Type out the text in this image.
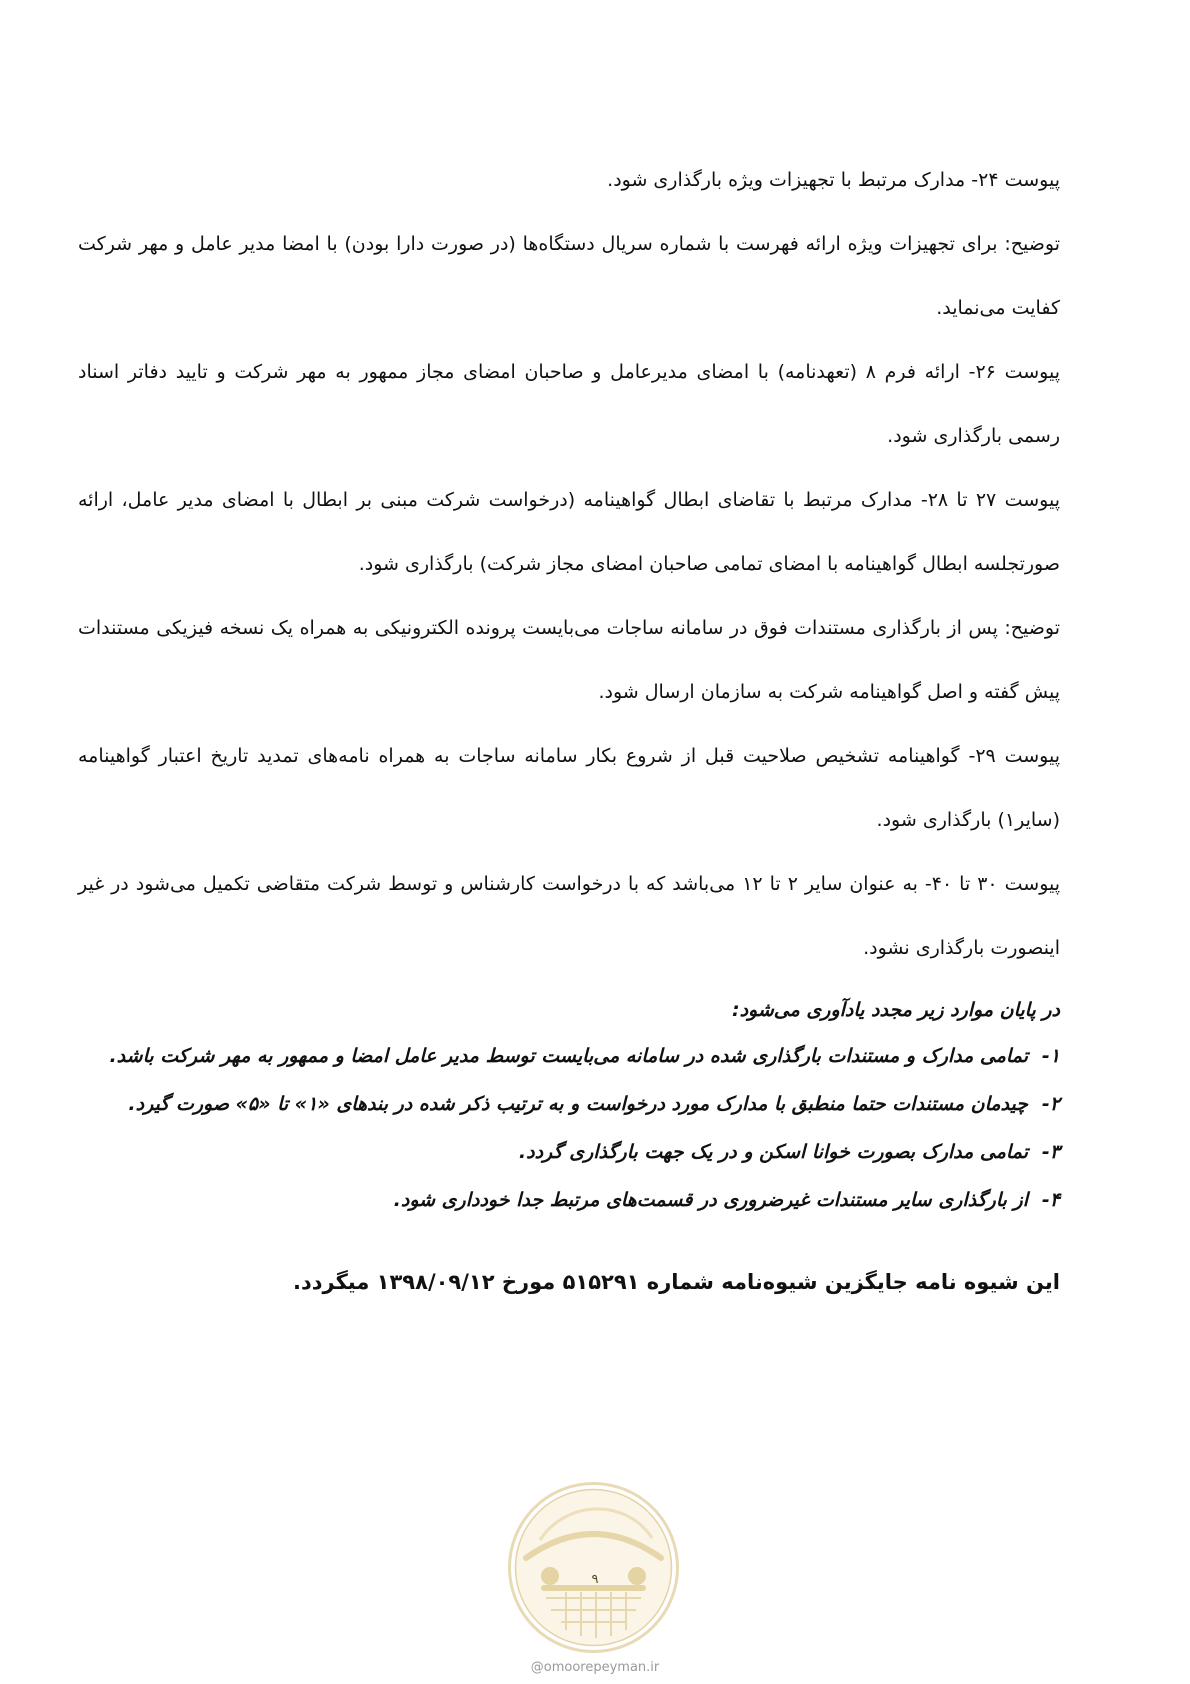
پیوست ۲۴- مدارک مرتبط با تجهیزات ویژه بارگذاری شود.

توضیح: برای تجهیزات ویژه ارائه فهرست با شماره سریال دستگاه‌ها (در صورت دارا بودن) با امضا مدیر عامل و مهر شرکت کفایت می‌نماید.

پیوست ۲۶- ارائه فرم ۸ (تعهدنامه) با امضای مدیرعامل و صاحبان امضای مجاز ممهور به مهر شرکت و تایید دفاتر اسناد رسمی بارگذاری شود.

پیوست ۲۷ تا ۲۸- مدارک مرتبط با تقاضای ابطال گواهینامه (درخواست شرکت مبنی بر ابطال با امضای مدیر عامل، ارائه صورتجلسه ابطال گواهینامه با امضای تمامی صاحبان امضای مجاز شرکت) بارگذاری شود.

توضیح: پس از بارگذاری مستندات فوق در سامانه ساجات می‌بایست پرونده الکترونیکی به همراه یک نسخه فیزیکی مستندات پیش گفته و اصل گواهینامه شرکت به سازمان ارسال شود.

پیوست ۲۹- گواهینامه تشخیص صلاحیت قبل از شروع بکار سامانه ساجات به همراه نامه‌های تمدید تاریخ اعتبار گواهینامه (سایر۱) بارگذاری شود.

پیوست ۳۰ تا ۴۰- به عنوان سایر ۲ تا ۱۲ می‌باشد که با درخواست کارشناس و توسط شرکت متقاضی تکمیل می‌شود در غیر اینصورت بارگذاری نشود.

در پایان موارد زیر مجدد یادآوری می‌شود:

۱-
تمامی مدارک و مستندات بارگذاری شده در سامانه می‌بایست توسط مدیر عامل امضا و ممهور به مهر شرکت باشد.
۲-
چیدمان مستندات حتما منطبق با مدارک مورد درخواست و به ترتیب ذکر شده در بندهای «۱» تا «۵» صورت گیرد.
۳-
تمامی مدارک بصورت خوانا اسکن و در یک جهت بارگذاری گردد.
۴-
از بارگذاری سایر مستندات غیرضروری در قسمت‌های مرتبط جدا خودداری شود.

این شیوه نامه جایگزین شیوه‌نامه شماره ۵۱۵۲۹۱ مورخ ۱۳۹۸/۰۹/۱۲ میگردد.

۹
@omoorepeyman.ir
